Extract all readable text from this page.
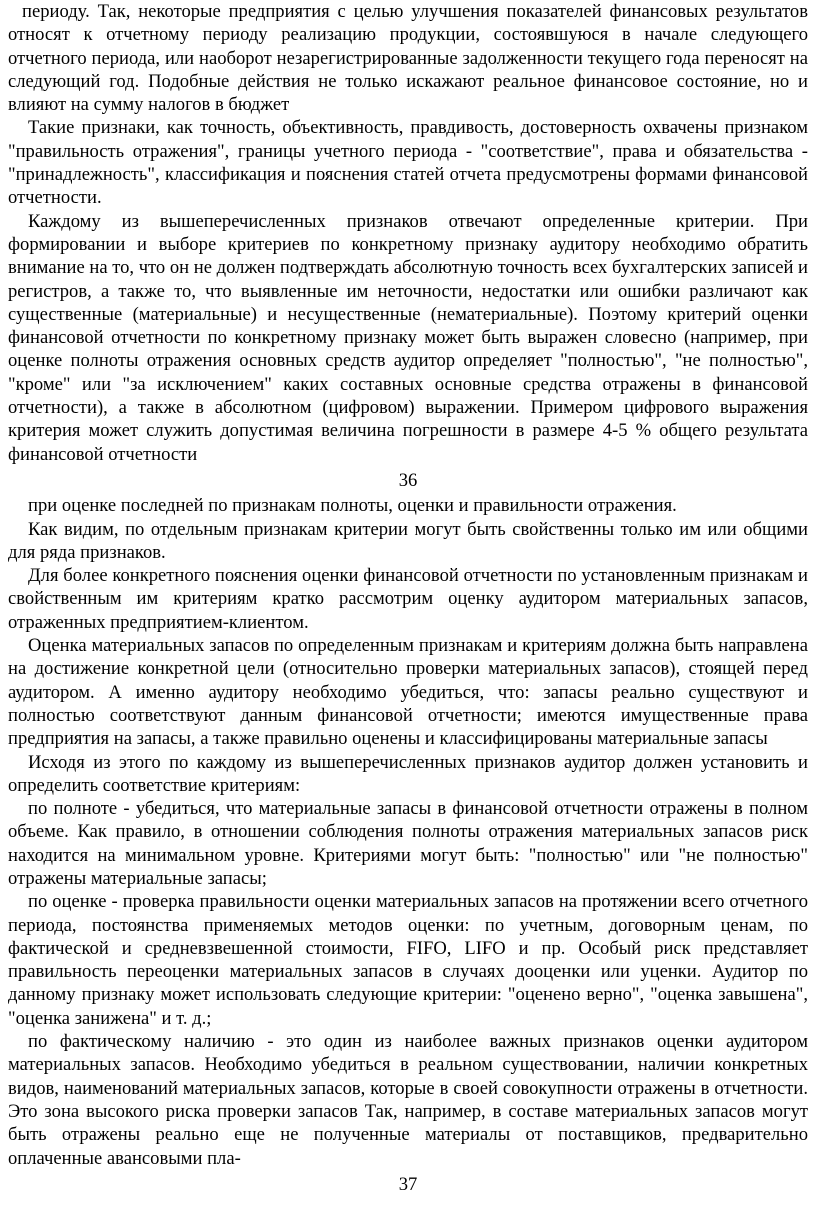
периоду. Так, некоторые предприятия с целью улучшения показателей финансовых результатов относят к отчетному периоду реализацию продукции, состоявшуюся в начале следующего отчетного периода, или наоборот незарегистрированные задолженности текущего года переносят на следующий год. Подобные действия не только искажают реальное финансовое состояние, но и влияют на сумму налогов в бюджет

Такие признаки, как точность, объективность, правдивость, достоверность охвачены признаком "правильность отражения", границы учетного периода - "соответствие", права и обязательства - "принадлежность", классификация и пояснения статей отчета предусмотрены формами финансовой отчетности.

Каждому из вышеперечисленных признаков отвечают определенные критерии. При формировании и выборе критериев по конкретному признаку аудитору необходимо обратить внимание на то, что он не должен подтверждать абсолютную точность всех бухгалтерских записей и регистров, а также то, что выявленные им неточности, недостатки или ошибки различают как существенные (материальные) и несущественные (нематериальные). Поэтому критерий оценки финансовой отчетности по конкретному признаку может быть выражен словесно (например, при оценке полноты отражения основных средств аудитор определяет "полностью", "не полностью", "кроме" или "за исключением" каких составных основные средства отражены в финансовой отчетности), а также в абсолютном (цифровом) выражении. Примером цифрового выражения критерия может служить допустимая величина погрешности в размере 4-5 % общего результата финансовой отчетности

36

при оценке последней по признакам полноты, оценки и правильности отражения.

Как видим, по отдельным признакам критерии могут быть свойственны только им или общими для ряда признаков.

Для более конкретного пояснения оценки финансовой отчетности по установленным признакам и свойственным им критериям кратко рассмотрим оценку аудитором материальных запасов, отраженных предприятием-клиентом.

Оценка материальных запасов по определенным признакам и критериям должна быть направлена на достижение конкретной цели (относительно проверки материальных запасов), стоящей перед аудитором. А именно аудитору необходимо убедиться, что: запасы реально существуют и полностью соответствуют данным финансовой отчетности; имеются имущественные права предприятия на запасы, а также правильно оценены и классифицированы материальные запасы

Исходя из этого по каждому из вышеперечисленных признаков аудитор должен установить и определить соответствие критериям:

по полноте - убедиться, что материальные запасы в финансовой отчетности отражены в полном объеме. Как правило, в отношении соблюдения полноты отражения материальных запасов риск находится на минимальном уровне. Критериями могут быть: "полностью" или "не полностью" отражены материальные запасы;

по оценке - проверка правильности оценки материальных запасов на протяжении всего отчетного периода, постоянства применяемых методов оценки: по учетным, договорным ценам, по фактической и средневзвешенной стоимости, FIFO, LIFO и пр. Особый риск представляет правильность переоценки материальных запасов в случаях дооценки или уценки. Аудитор по данному признаку может использовать следующие критерии: "оценено верно", "оценка завышена", "оценка занижена" и т. д.;

по фактическому наличию - это один из наиболее важных признаков оценки аудитором материальных запасов. Необходимо убедиться в реальном существовании, наличии конкретных видов, наименований материальных запасов, которые в своей совокупности отражены в отчетности. Это зона высокого риска проверки запасов Так, например, в составе материальных запасов могут быть отражены реально еще не полученные материалы от поставщиков, предварительно оплаченные авансовыми пла-

37
